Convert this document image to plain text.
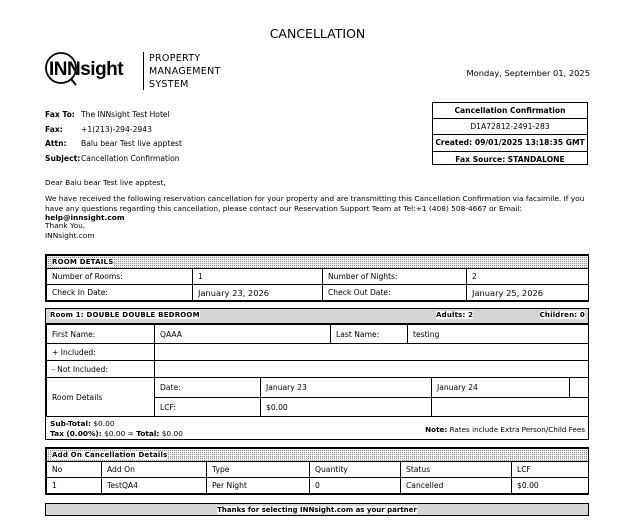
CANCELLATION
INNsight
PROPERTY
MANAGEMENT
SYSTEM
Monday, September 01, 2025
Cancellation Confirmation
D1A72812-2491-283
Created: 09/01/2025 13:18:35 GMT
Fax Source: STANDALONE
Fax To: The INNsight Test Hotel
Fax: +1(213)-294-2943
Attn: Balu bear Test live apptest
Subject:Cancellation Confirmation
Dear Balu bear Test live apptest,
We have received the following reservation cancellation for your property and are transmitting this Cancellation Confirmation via facsimile. If you have any questions regarding this cancellation, please contact our Reservation Support Team at Tel:+1 (408) 508-4667 or Email: help@innsight.com
Thank You,
INNsight.com
ROOM DETAILS			
Number of Rooms:	1	Number of Nights:	2
Check In Date:	January 23, 2026	Check Out Date:	January 25, 2026
Room 1: DOUBLE DOUBLE BEDROOM	Adults: 2	Children: 0
First Name:	QAAA	Last Name:	testing
+ Included:			
- Not Included:			
Room Details	Date:	January 23	January 24	
	LCF:	$0.00		
Sub-Total: $0.00
Tax (0.00%): $0.00 = Total: $0.00	Note: Rates include Extra Person/Child Fees
Add On Cancellation Details					
No	Add On	Type	Quantity	Status	LCF
1	TestQA4	Per Night	0	Cancelled	$0.00
Thanks for selecting INNsight.com as your partner
